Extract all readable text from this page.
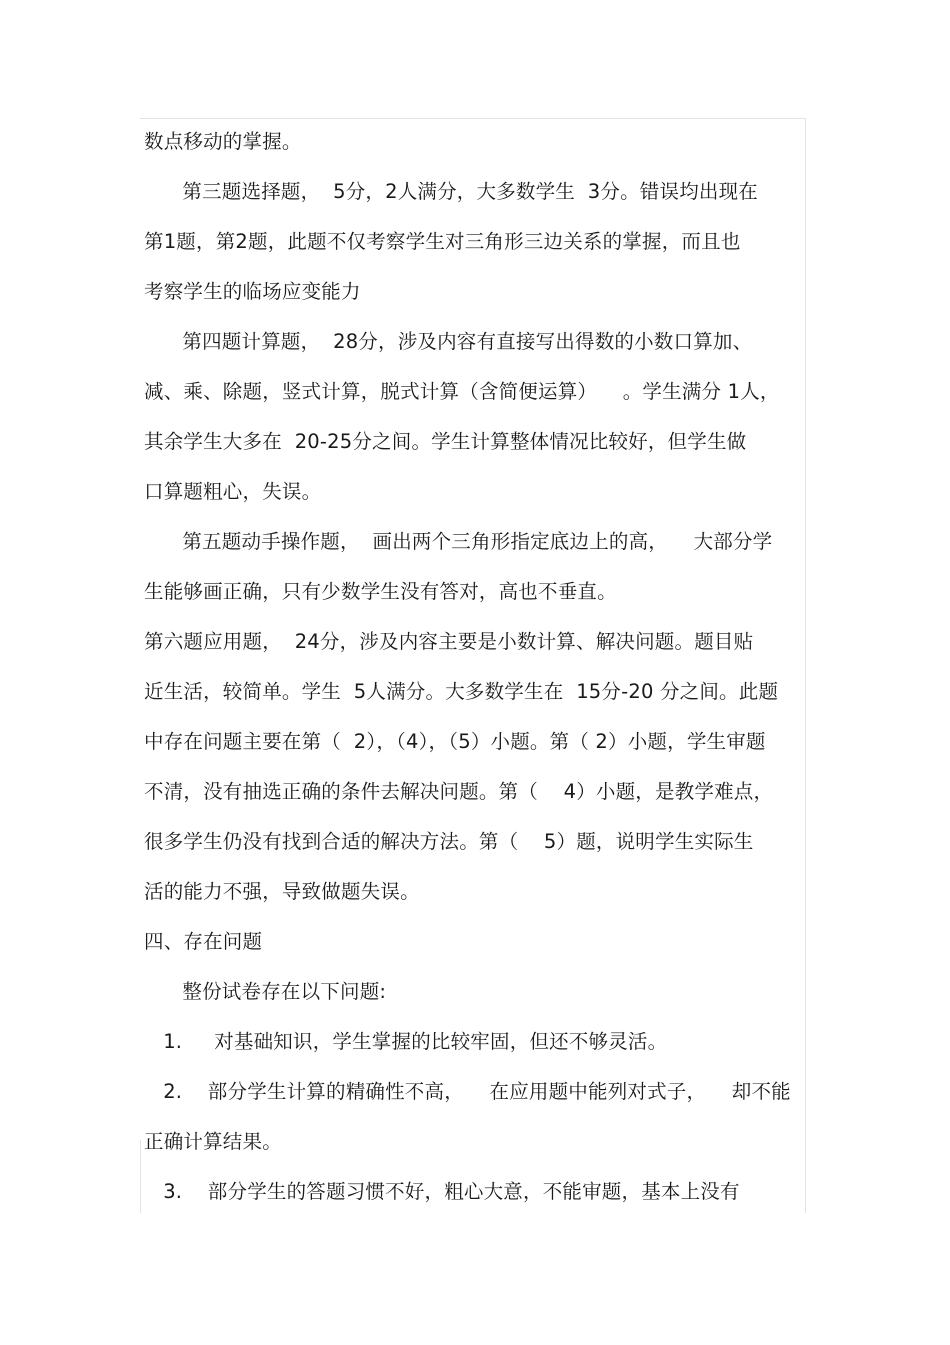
数点移动的掌握。
第三题选择题，  5分，2人满分，大多数学生  3分。错误均出现在
第1题，第2题，此题不仅考察学生对三角形三边关系的掌握，而且也
考察学生的临场应变能力
第四题计算题，  28分，涉及内容有直接写出得数的小数口算加、
减、乘、除题，竖式计算，脱式计算（含简便运算）    。学生满分 1人，
其余学生大多在  20-25分之间。学生计算整体情况比较好，但学生做
口算题粗心，失误。
第五题动手操作题，  画出两个三角形指定底边上的高，    大部分学
生能够画正确，只有少数学生没有答对，高也不垂直。
第六题应用题，  24分，涉及内容主要是小数计算、解决问题。题目贴
近生活，较简单。学生  5人满分。大多数学生在  15分-20 分之间。此题
中存在问题主要在第（  2），（4），（5）小题。第（ 2）小题，学生审题
不清，没有抽选正确的条件去解决问题。第（    4）小题，是教学难点，
很多学生仍没有找到合适的解决方法。第（    5）题，说明学生实际生
活的能力不强，导致做题失误。
四、存在问题
整份试卷存在以下问题:
1.     对基础知识，学生掌握的比较牢固，但还不够灵活。
2.    部分学生计算的精确性不高，    在应用题中能列对式子，    却不能
正确计算结果。
3.    部分学生的答题习惯不好，粗心大意，不能审题，基本上没有
